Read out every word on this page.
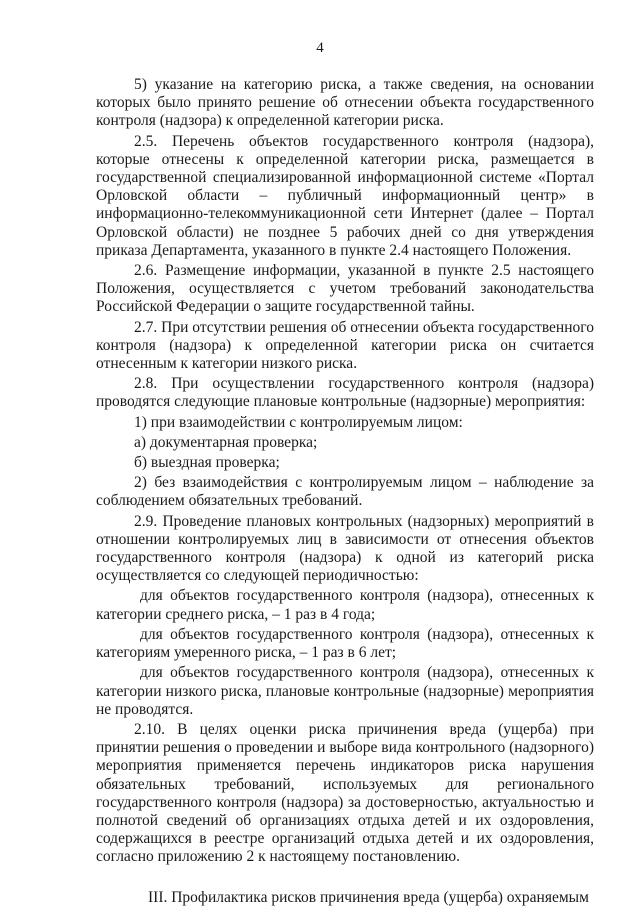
4

5) указание на категорию риска, а также сведения, на основании которых было принято решение об отнесении объекта государственного контроля (надзора) к определенной категории риска.

2.5. Перечень объектов государственного контроля (надзора), которые отнесены к определенной категории риска, размещается в государственной специализированной информационной системе «Портал Орловской области – публичный информационный центр» в информационно-телекоммуникационной сети Интернет (далее – Портал Орловской области) не позднее 5 рабочих дней со дня утверждения приказа Департамента, указанного в пункте 2.4 настоящего Положения.

2.6. Размещение информации, указанной в пункте 2.5 настоящего Положения, осуществляется с учетом требований законодательства Российской Федерации о защите государственной тайны.

2.7. При отсутствии решения об отнесении объекта государственного контроля (надзора) к определенной категории риска он считается отнесенным к категории низкого риска.

2.8. При осуществлении государственного контроля (надзора) проводятся следующие плановые контрольные (надзорные) мероприятия:

1) при взаимодействии с контролируемым лицом:

а) документарная проверка;

б) выездная проверка;

2) без взаимодействия с контролируемым лицом – наблюдение за соблюдением обязательных требований.

2.9. Проведение плановых контрольных (надзорных) мероприятий в отношении контролируемых лиц в зависимости от отнесения объектов государственного контроля (надзора) к одной из категорий риска осуществляется со следующей периодичностью:

для объектов государственного контроля (надзора), отнесенных к категории среднего риска, – 1 раз в 4 года;

для объектов государственного контроля (надзора), отнесенных к категориям умеренного риска, – 1 раз в 6 лет;

для объектов государственного контроля (надзора), отнесенных к категории низкого риска, плановые контрольные (надзорные) мероприятия не проводятся.

2.10. В целях оценки риска причинения вреда (ущерба) при принятии решения о проведении и выборе вида контрольного (надзорного) мероприятия применяется перечень индикаторов риска нарушения обязательных требований, используемых для регионального государственного контроля (надзора) за достоверностью, актуальностью и полнотой сведений об организациях отдыха детей и их оздоровления, содержащихся в реестре организаций отдыха детей и их оздоровления, согласно приложению 2 к настоящему постановлению.

III. Профилактика рисков причинения вреда (ущерба) охраняемым
